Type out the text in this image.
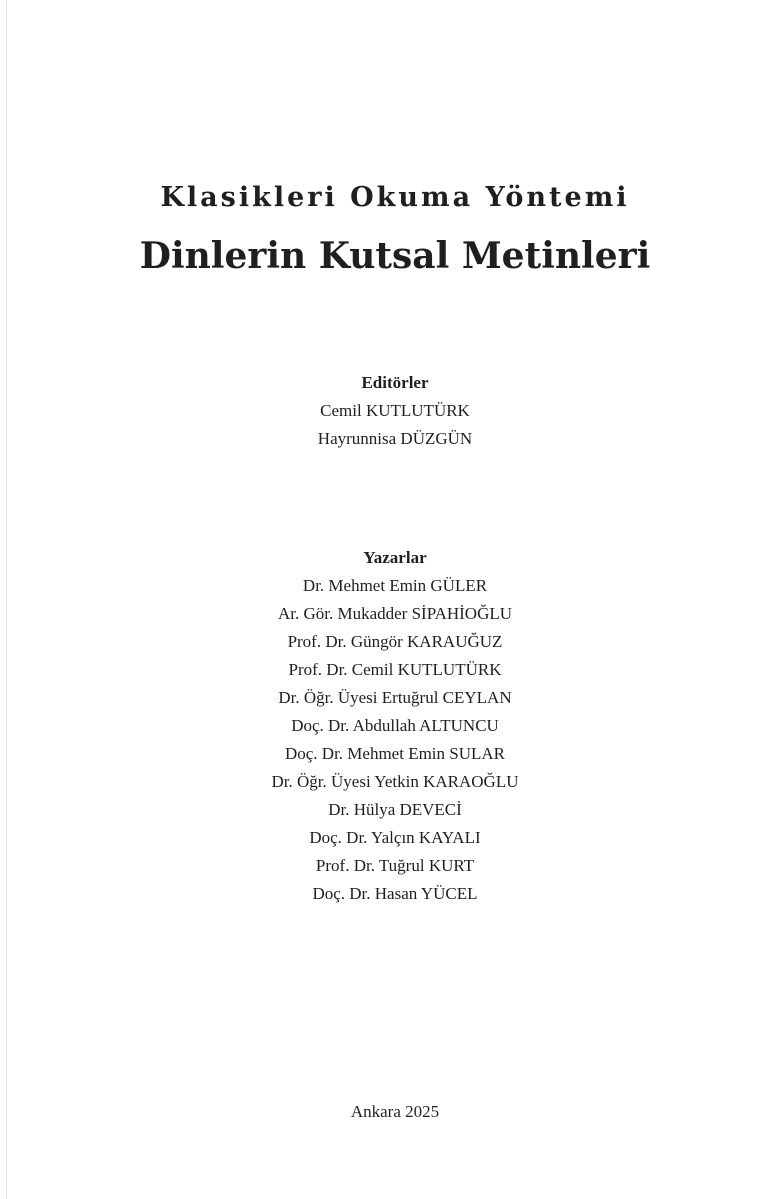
Klasikleri Okuma Yöntemi
Dinlerin Kutsal Metinleri
Editörler
Cemil KUTLUTÜRK
Hayrunnisa DÜZGÜN
Yazarlar
Dr. Mehmet Emin GÜLER
Ar. Gör. Mukadder SİPAHİOĞLU
Prof. Dr. Güngör KARAUĞUZ
Prof. Dr. Cemil KUTLUTÜRK
Dr. Öğr. Üyesi Ertuğrul CEYLAN
Doç. Dr. Abdullah ALTUNCU
Doç. Dr. Mehmet Emin SULAR
Dr. Öğr. Üyesi Yetkin KARAOĞLU
Dr. Hülya DEVECİ
Doç. Dr. Yalçın KAYALI
Prof. Dr. Tuğrul KURT
Doç. Dr. Hasan YÜCEL
Ankara 2025
